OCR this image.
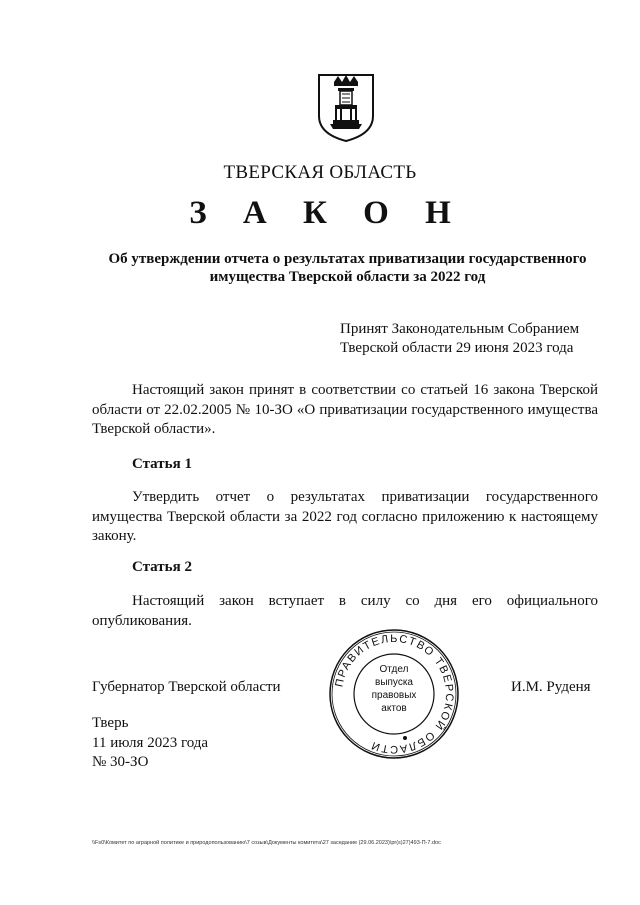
ТВЕРСКАЯ ОБЛАСТЬ
З А К О Н
Об утверждении отчета о результатах приватизации государственного
имущества Тверской области за 2022 год
Принят Законодательным Собранием
Тверской области 29 июня 2023 года
Настоящий закон принят в соответствии со статьей 16 закона Тверской области от 22.02.2005 № 10-ЗО «О приватизации государственного имущества Тверской области».
Статья 1
Утвердить отчет о результатах приватизации государственного имущества Тверской области за 2022 год согласно приложению к настоящему закону.
Статья 2
Настоящий закон вступает в силу со дня его официального опубликования.
ПРАВИТЕЛЬСТВО ТВЕРСКОЙ ОБЛАСТИ
Отдел
выпуска
правовых
актов
Губернатор Тверской области	И.М. Руденя
Тверь
11 июля 2023 года
№ 30-ЗО
\\Fs0\Комитет по аграрной политике и природопользованию\7 созыв\Документы комитета\27 заседание (29.06.2023)\pr(s)27)493-П-7.doc
